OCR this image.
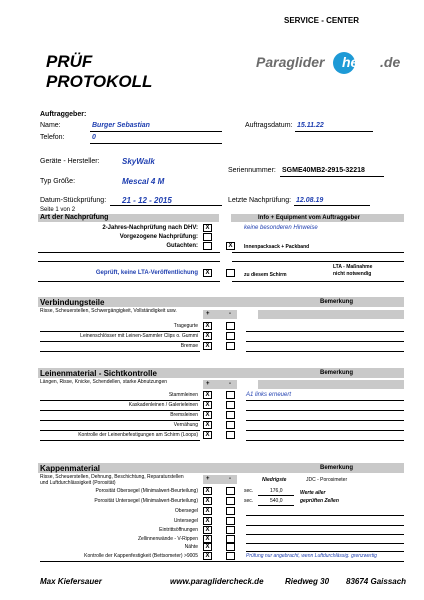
SERVICE - CENTER
PRÜF
PROTOKOLL
Paraglider heck .de
Auftraggeber:
Name:	Burger Sebastian
Telefon:	0
Auftragsdatum: 15.11.22
Geräte - Hersteller:	SkyWalk
Typ Größe:	Mescal 4 M
Seriennummer: SGME40MB2-2915-32218
Datum-Stückprüfung: 21 - 12 - 2015	Letzte Nachprüfung: 12.08.19
Seite 1 von 2
Art der Nachprüfung	Info + Equipment vom Auftraggeber
2-Jahres-Nachprüfung nach DHV:	X	keine besonderen Hinweise
Vorgezogene Nachprüfung:
Gutachten:	X	Innenpacksack + Packband
LTA - Maßnahme
nicht notwendig
Geprüft, keine LTA-Veröffentlichung	X	zu diesem Schirm
Verbindungsteile	Bemerkung
Risse, Scheuerstellen, Schwergängigkeit, Vollständigkeit usw.	+	-
Tragegurte	X
Leinenschlösser mit Leinen-Sammler Clips o. Gummi	X
Bremse	X
Leinenmaterial - Sichtkontrolle	Bemerkung
Längen, Risse, Knicke, Schendellen, starke Abnutzungen	+	-
Stammleinen	X	A1 links erneuert
Kaskadenleinen / Galerieleinen	X
Bremsleinen	X
Vernähung	X
Kontrolle der Leinenbefestigungen am Schirm (Loops)	X
Kappenmaterial	Bemerkung
Risse, Scheuerstellen, Dehnung, Beschichtung, Reparaturstellen
und Luftdurchlässigkeit (Porosität)
+	-	Niedrigste	JDC - Porosimeter
Porosität Obersegel (Minimalwert-Beurteilung)	X	sec.	176,0	Werte aller
Porosität Untersegel (Minimalwert-Beurteilung)	X	sec.	540,0	geprüften Zellen
Obersegel	X
Untersegel	X
Eintrittsöffnungen	X
Zellinnenwände - V-Rippen	X
Nähte	X
Kontrolle der Kappenfestigkeit (Bettsometer) >9005	X	Prüfung nur angebracht, wenn Luftdurchlässig. grenzwertig
Max Kiefersauer	www.paraglidercheck.de	Riedweg 30 83674 Gaissach
